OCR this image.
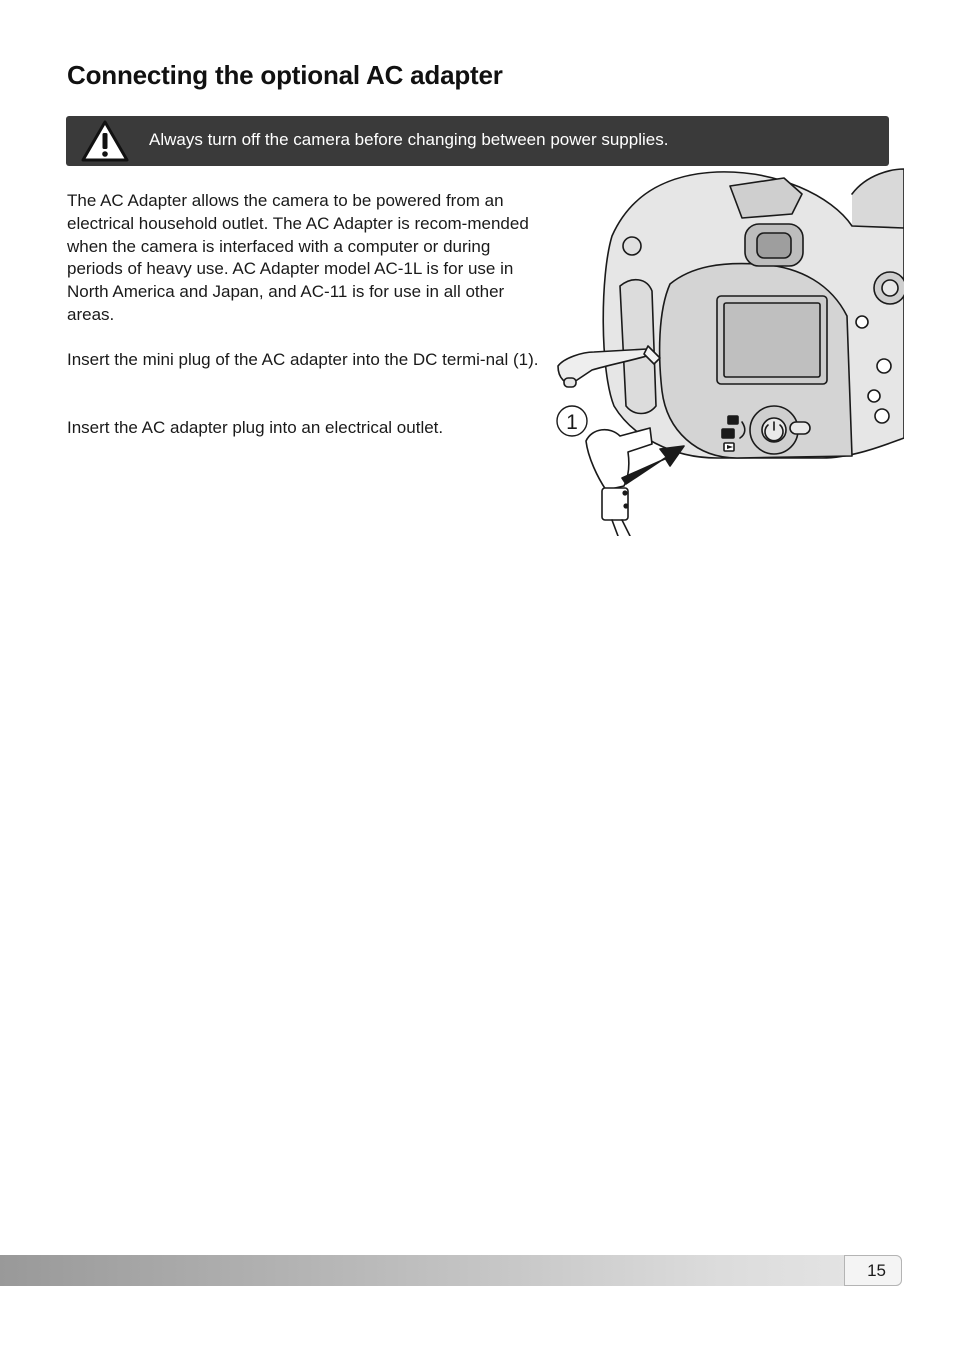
Connecting the optional AC adapter
Always turn off the camera before changing between power supplies.

The AC Adapter allows the camera to be powered from an electrical household outlet. The AC Adapter is recom-mended when the camera is interfaced with a computer or during periods of heavy use. AC Adapter model AC-1L is for use in North America and Japan, and AC-11 is for use in all other areas.

Insert the mini plug of the AC adapter into the DC termi-nal (1).

Insert the AC adapter plug into an electrical outlet.	1
15
